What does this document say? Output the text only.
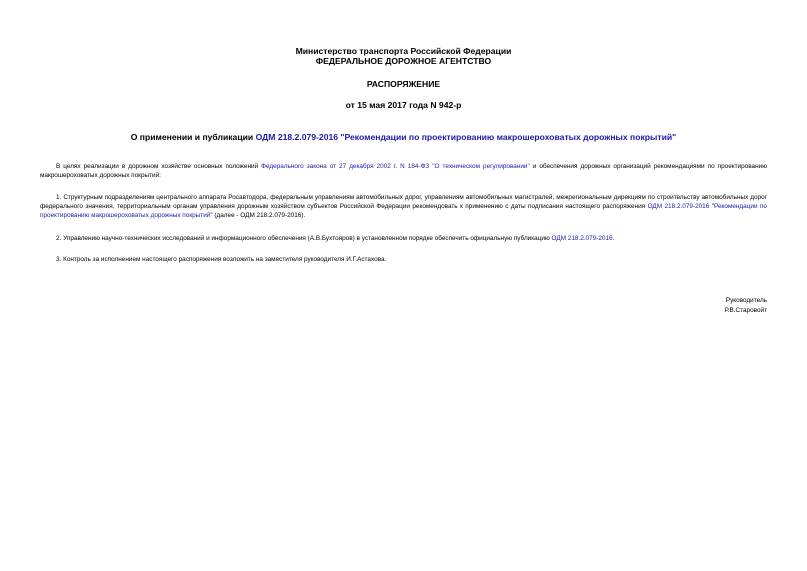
Министерство транспорта Российской Федерации
ФЕДЕРАЛЬНОЕ ДОРОЖНОЕ АГЕНТСТВО
РАСПОРЯЖЕНИЕ
от 15 мая 2017 года N 942-р
О применении и публикации ОДМ 218.2.079-2016 "Рекомендации по проектированию макрошероховатых дорожных покрытий"
В целях реализации в дорожном хозяйстве основных положений Федерального закона от 27 декабря 2002 г. N 184-ФЗ "О техническом регулировании" и обеспечения дорожных организаций рекомендациями по проектированию макрошероховатых дорожных покрытий:
1. Структурным подразделениям центрального аппарата Росавтодора, федеральным управлениям автомобильных дорог, управлениям автомобильных магистралей, межрегиональным дирекциям по строительству автомобильных дорог федерального значения, территориальным органам управления дорожным хозяйством субъектов Российской Федерации рекомендовать к применению с даты подписания настоящего распоряжения ОДМ 218.2.079-2016 "Рекомендации по проектированию макрошероховатых дорожных покрытий" (далее - ОДМ 218.2.079-2016).
2. Управлению научно-технических исследований и информационного обеспечения (А.В.Бухтояров) в установленном порядке обеспечить официальную публикацию ОДМ 218.2.079-2016.
3. Контроль за исполнением настоящего распоряжения возложить на заместителя руководителя И.Г.Астахова.
Руководитель
Р.В.Старовойт
